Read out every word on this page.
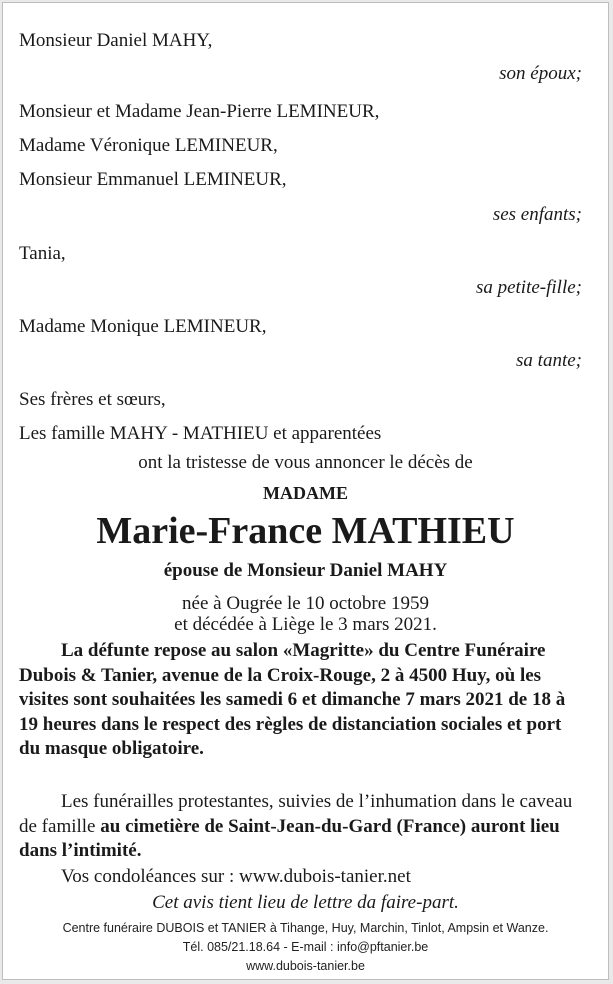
Monsieur Daniel MAHY,
son époux;
Monsieur et Madame Jean-Pierre LEMINEUR,
Madame Véronique LEMINEUR,
Monsieur Emmanuel LEMINEUR,
ses enfants;
Tania,
sa petite-fille;
Madame Monique LEMINEUR,
sa tante;
Ses frères et sœurs,
Les famille MAHY - MATHIEU et apparentées
ont la tristesse de vous annoncer le décès de
MADAME
Marie-France MATHIEU
épouse de Monsieur Daniel MAHY
née à Ougrée le 10 octobre 1959
et décédée à Liège le 3 mars 2021.

La défunte repose au salon «Magritte» du Centre Funéraire Dubois & Tanier, avenue de la Croix-Rouge, 2 à 4500 Huy, où les visites sont souhaitées les samedi 6 et dimanche 7 mars 2021 de 18 à 19 heures dans le respect des règles de distanciation sociales et port du masque obligatoire.

Les funérailles protestantes, suivies de l’inhumation dans le caveau de famille au cimetière de Saint-Jean-du-Gard (France) auront lieu dans l’intimité.

Vos condoléances sur : www.dubois-tanier.net
Cet avis tient lieu de lettre da faire-part.
Centre funéraire DUBOIS et TANIER à Tihange, Huy, Marchin, Tinlot, Ampsin et Wanze.
Tél. 085/21.18.64 - E-mail : info@pftanier.be
www.dubois-tanier.be
